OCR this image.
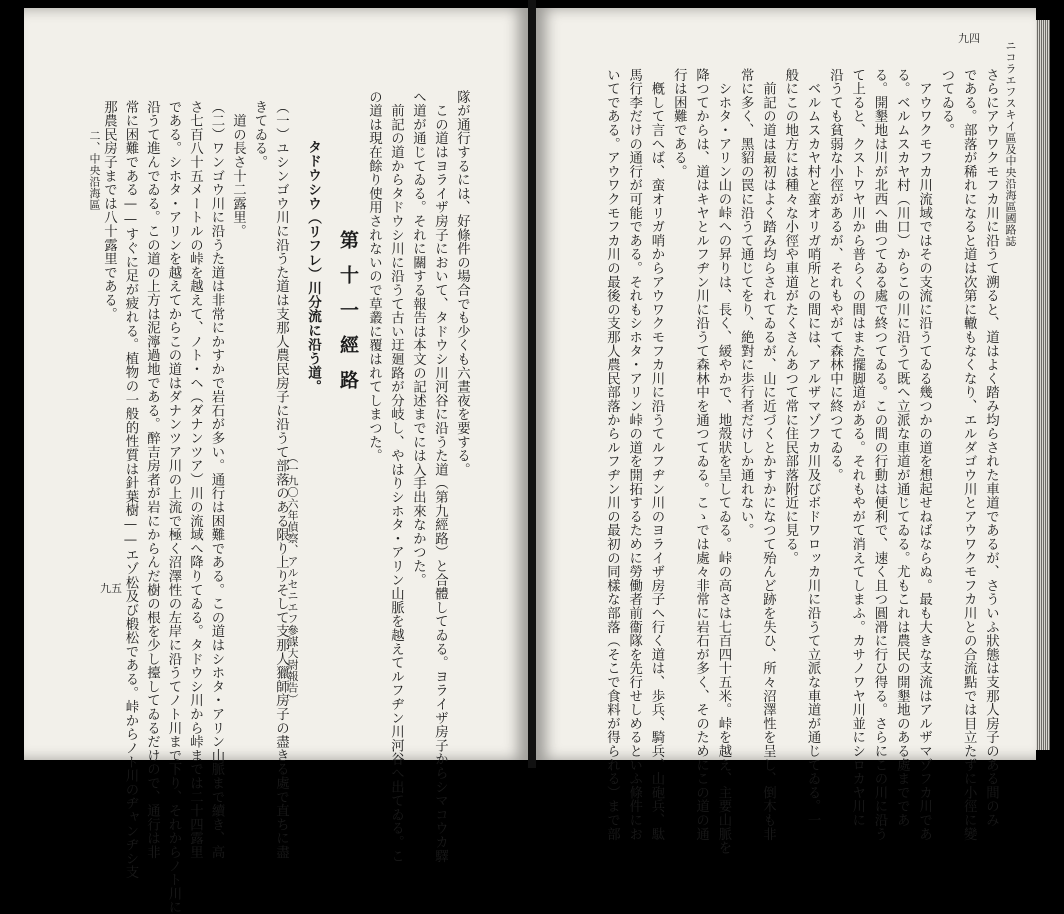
ニコラエフスキイ區及中央沿海區國路誌
九四
さらにアウワクモフカ川に沿うて溯ると、道はよく踏み均らされた車道であるが、さういふ狀態は支那人房子のある間のみ
である。部落が稀れになると道は次第に轍もなくなり、エルダゴウ川とアウワクモフカ川との合流點では目立たずに小徑に變
つてゐる。
　アウワクモフカ川流域ではその支流に沿うてゐる幾つかの道を想起せねばならぬ。最も大きな支流はアルザマゾフカ川であ
る。ベルムスカヤ村（川口）からこの川に沿うて既へ立派な車道が通じてゐる。尤もこれは農民の開墾地のある處までであ
る。開墾地は川が北西へ曲つてゐる處で終つてゐる。この間の行動は便利で、速く且つ圓滑に行ひ得る。さらにこの川に沿う
て上ると、クストワヤ川から普らくの間はまた擺脚道がある。それもやがて消えてしまふ。カサノワヤ川並にシロカヤ川に
沿うても貧弱な小徑があるが、それもやがて森林中に終つてゐる。
　ベルムスカヤ村と蛮オリガ哨所との間には、アルザマゾフカ川及びボドワロッカ川に沿うて立派な車道が通じてゐる。一
般にこの地方には種々な小徑や車道がたくさんあつて常に住民部落附近に見る。
　前記の道は最初はよく踏み均らされてゐるが、山に近づくとかすかになつて殆んど跡を失ひ、所々沼澤性を呈し、倒木も非
常に多く、黑貂の罠に沿うて通じてをり、絶對に歩行者だけしか通れない。
　シホタ・アリン山の峠への昇りは、長く、緩やかで、地殼狀を呈してゐる。峠の高さは七百四十五米。峠を越え、主要山脈を
降つてからは、道はキヤとルフヂン川に沿うて森林中を通つてゐる。こゝでは處々非常に岩石が多く、そのためにこの道の通
行は困難である。
　槪して言へば、蛮オリガ哨からアウワクモフカ川に沿うてルフヂン川のヨライザ房子へ行く道は、歩兵、騎兵、山砲兵、駄
馬行李だけの通行が可能である。それもシホタ・アリン峠の道を開拓するために勞働者前衞隊を先行せしめるといふ條件にお
いてである。アウワクモフカ川の最後の支那人農民部落からルフヂン川の最初の同樣な部落（そこで食料が得られる）まで部
隊が通行するには、好條件の場合でも少くも六晝夜を要する。
　この道はヨライザ房子において、タドウシ川河谷に沿うた道（第九經路）と合體してゐる。ヨライザ房子からシマコウカ驛
へ道が通じてゐる。それに關する報告は本文の記述までには入手出來なかつた。
　前記の道からタドウシ川に沿うて古い迂廻路が分岐し、やはりシホタ・アリン山脈を越えてルフヂン川河谷へ出てゐる。こ
の道は現在餘り使用されないので草叢に覆はれてしまつた。
第十一經路
タドウシウ（リフレ）川分流に沿う道。
（一九〇六年偵察、アルセニエフ參謀大尉報告）
（一）ユシンゴウ川に沿うた道は支那人農民房子に沿うて部落のある限り上りそして支那人獵師房子の盡きる處で直ちに盡
きてゐる。
　道の長さ十二露里。
（二）ワンゴウ川に沿うた道は非常にかすかで岩石が多い。通行は困難である。この道はシホタ・アリン山脈まで續き、高
さ七百八十五メートルの峠を越えて、ノト・ヘ（ダナンツア）川の流域へ降りてゐる。タドウシ川から峠までは二十四露里
である。シホタ・アリンを越えてからこの道はダナンツア川の上流で極く沼澤性の左岸に沿うてノト川まで下り、それからノト川に
沿うて進んでゐる。この道の上方は泥濘過地である。醉吉房者が岩にからんだ樹の根を少し擡してゐるだけので、通行は非
常に困難である——すぐに足が疲れる。植物の一般的性質は針葉樹——エゾ松及び椴松である。峠からノト川のヂャンヂシ支
那農民房子までは八十露里である。
二、中央沿海區
九五
